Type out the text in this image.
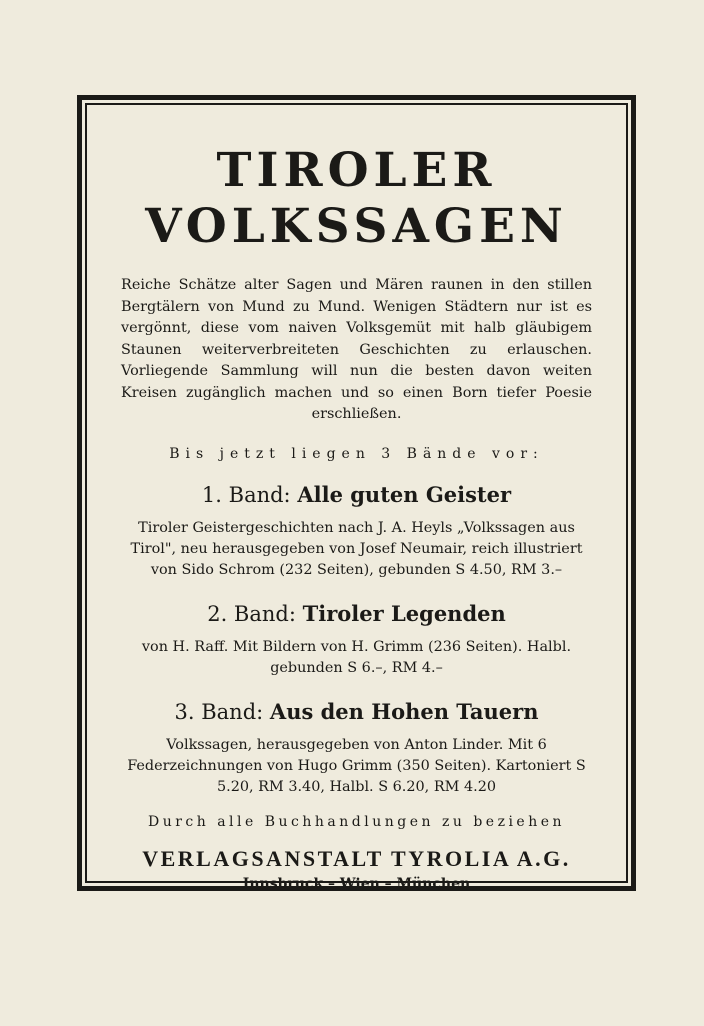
TIROLER
VOLKSSAGEN

Reiche Schätze alter Sagen und Mären raunen in den stillen Bergtälern von Mund zu Mund. Wenigen Städtern nur ist es vergönnt, diese vom naiven Volksgemüt mit halb gläubigem Staunen weiterverbreiteten Geschichten zu erlauschen. Vorliegende Sammlung will nun die besten davon weiten Kreisen zugänglich machen und so einen Born tiefer Poesie erschließen.

Bis jetzt liegen 3 Bände vor:
1. Band: Alle guten Geister
Tiroler Geistergeschichten nach J. A. Heyls „Volkssagen aus Tirol", neu herausgegeben von Josef Neumair, reich illustriert von Sido Schrom (232 Seiten), gebunden S 4.50, RM 3.–
2. Band: Tiroler Legenden
von H. Raff. Mit Bildern von H. Grimm (236 Seiten). Halbl. gebunden S 6.–, RM 4.–
3. Band: Aus den Hohen Tauern
Volkssagen, herausgegeben von Anton Linder. Mit 6 Federzeichnungen von Hugo Grimm (350 Seiten). Kartoniert S 5.20, RM 3.40, Halbl. S 6.20, RM 4.20
Durch alle Buchhandlungen zu beziehen
VERLAGSANSTALT TYROLIA A.G.
Innsbruck – Wien – München
